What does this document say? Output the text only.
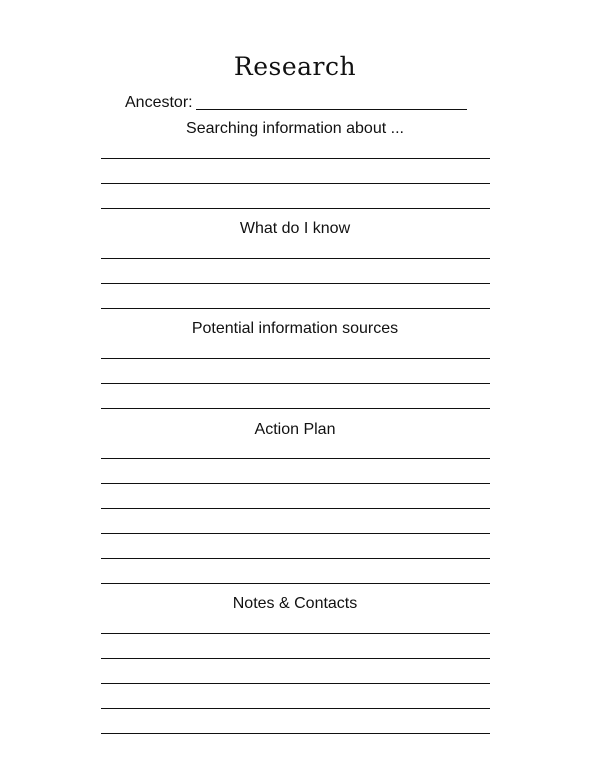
Research
Ancestor:
Searching information about ...
What do I know
Potential information sources
Action Plan
Notes & Contacts
